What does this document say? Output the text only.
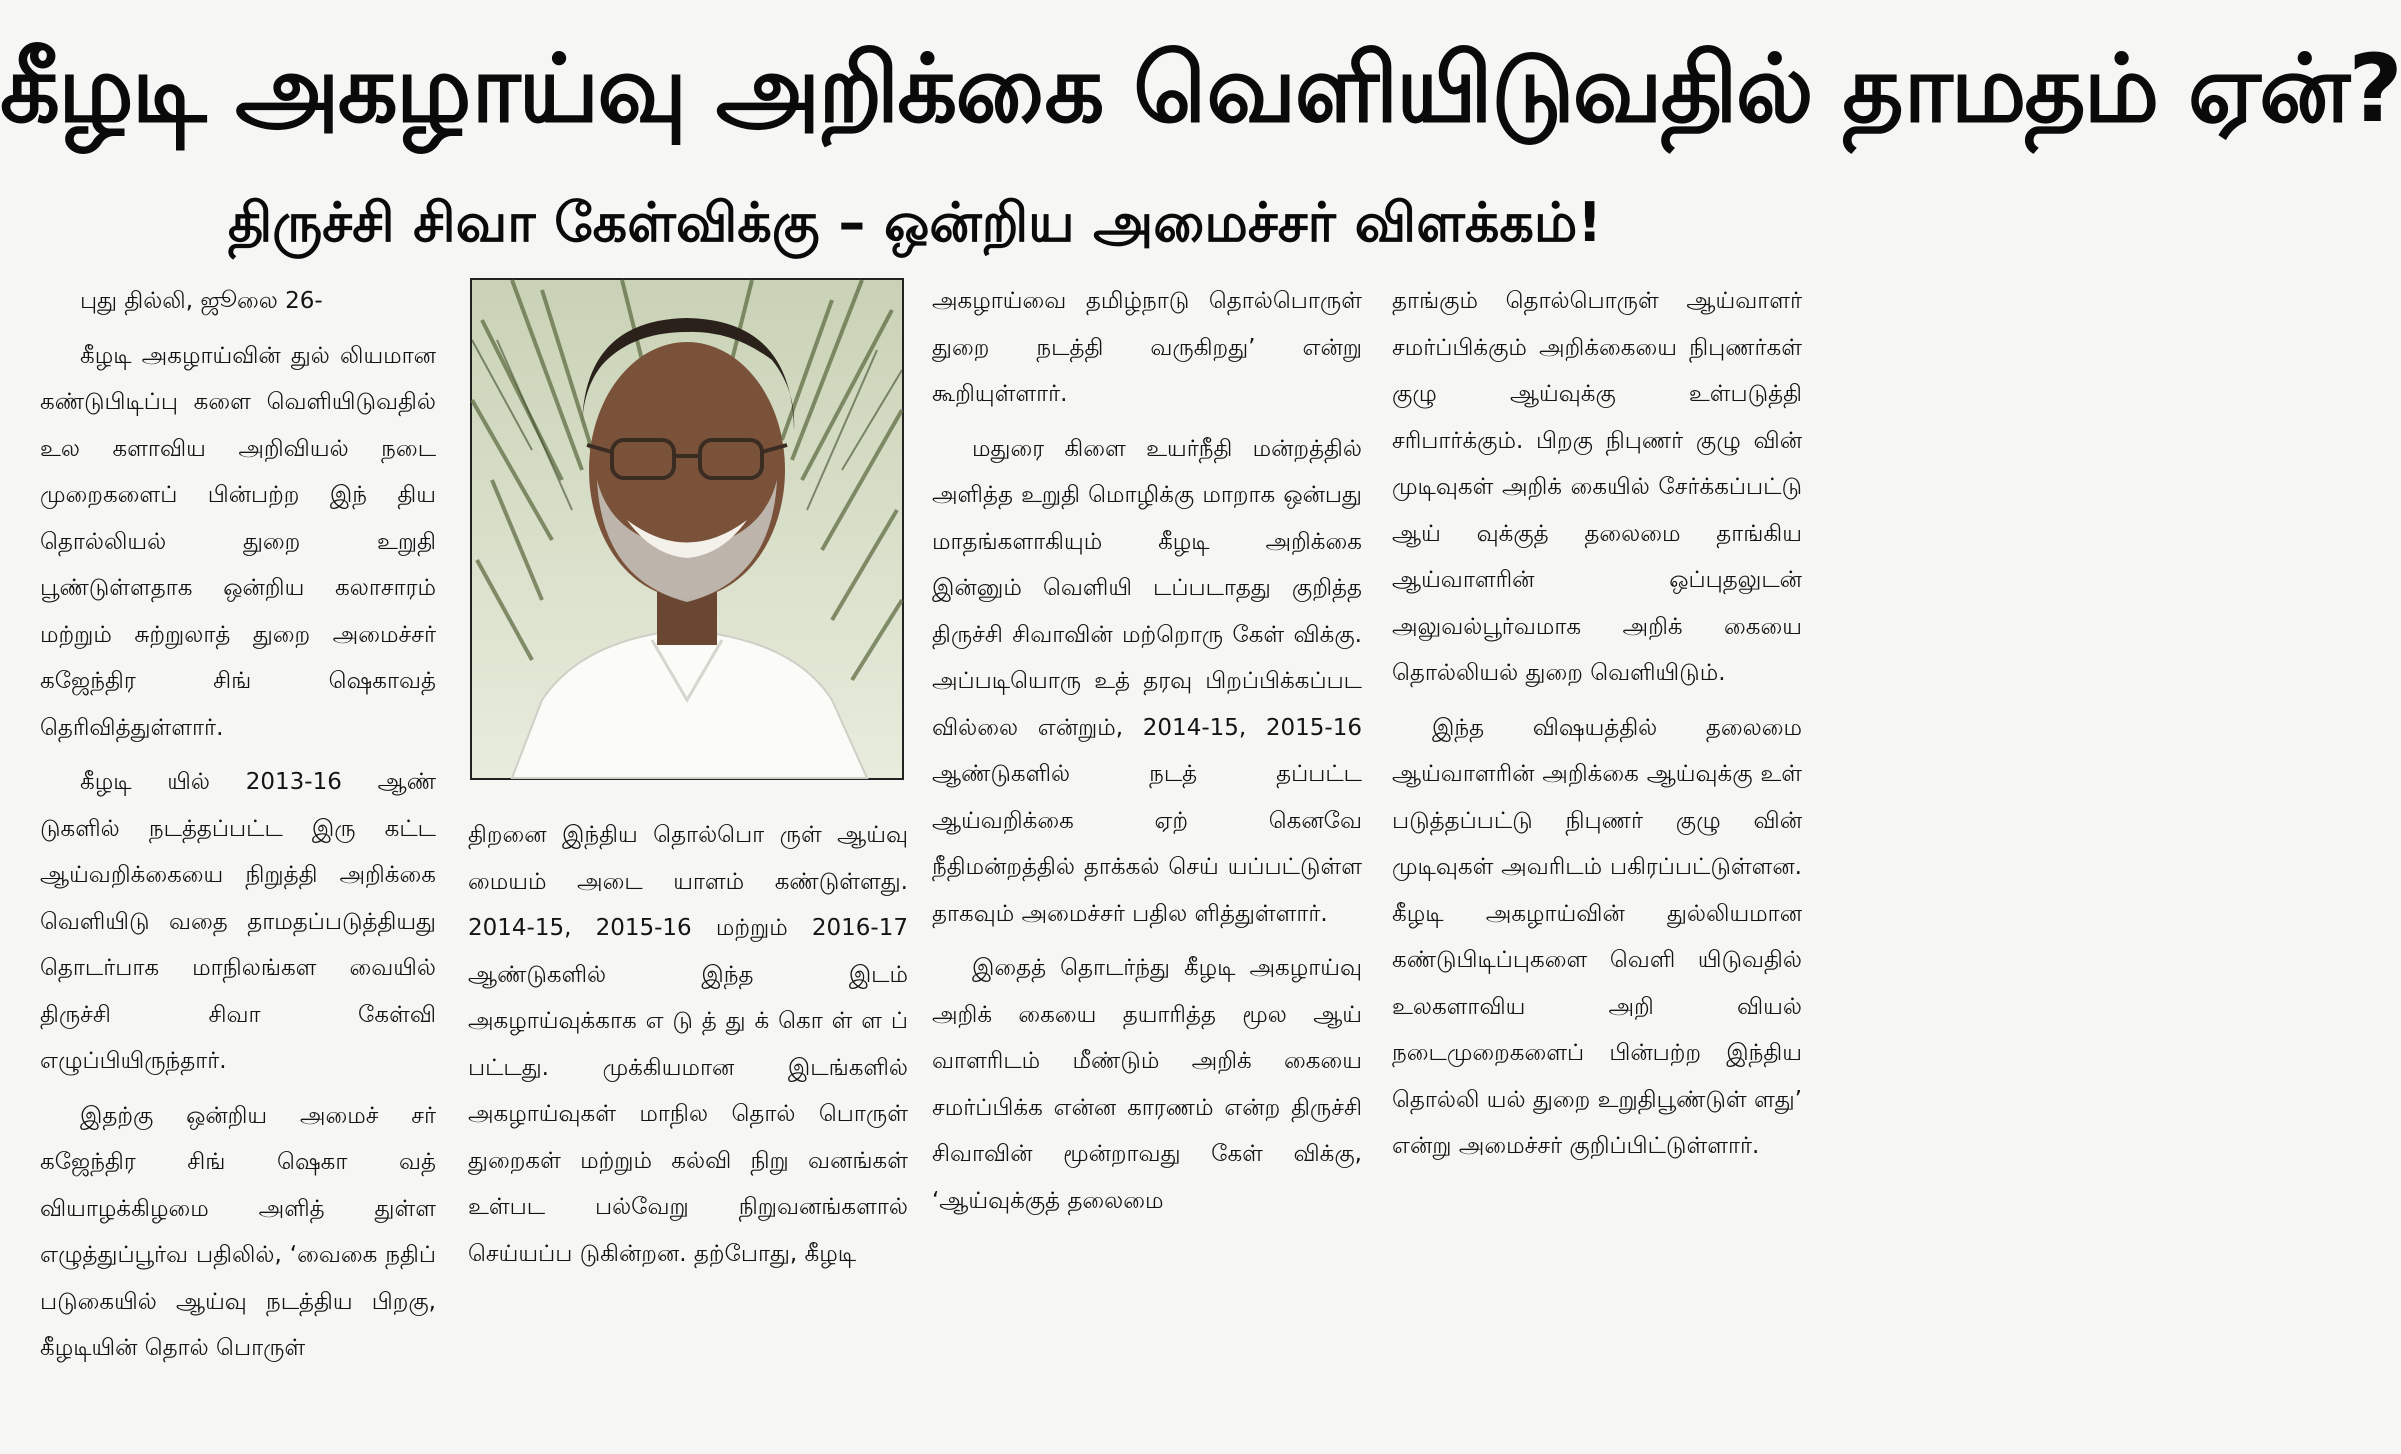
கீழடி அகழாய்வு அறிக்கை வெளியிடுவதில் தாமதம் ஏன்?
திருச்சி சிவா கேள்விக்கு – ஒன்றிய அமைச்சர் விளக்கம்!

புது தில்லி, ஜூலை 26-

கீழடி அகழாய்வின் துல் லியமான கண்டுபிடிப்பு களை வெளியிடுவதில் உல களாவிய அறிவியல் நடை முறைகளைப் பின்பற்ற இந் திய தொல்லியல் துறை உறுதி பூண்டுள்ளதாக ஒன்றிய கலாசாரம் மற்றும் சுற்றுலாத் துறை அமைச்சர் கஜேந்திர சிங் ஷெகாவத் தெரிவித்துள்ளார்.

கீழடி யில் 2013-16 ஆண் டுகளில் நடத்தப்பட்ட இரு கட்ட ஆய்வறிக்கையை நிறுத்தி அறிக்கை வெளியிடு வதை தாமதப்படுத்தியது தொடர்பாக மாநிலங்கள வையில் திருச்சி சிவா கேள்வி எழுப்பியிருந்தார்.

இதற்கு ஒன்றிய அமைச் சர் கஜேந்திர சிங் ஷெகா வத் வியாழக்கிழமை அளித் துள்ள எழுத்துப்பூர்வ பதிலில், ‘வைகை நதிப் படுகையில் ஆய்வு நடத்திய பிறகு, கீழடியின் தொல் பொருள்

திறனை இந்திய தொல்பொ ருள் ஆய்வு மையம் அடை யாளம் கண்டுள்ளது. 2014-15, 2015-16 மற்றும் 2016-17 ஆண்டுகளில் இந்த இடம் அகழாய்வுக்காக எ டு த் து க் கொ ள் ள ப் பட்டது. முக்கியமான இடங்களில் அகழாய்வுகள் மாநில தொல் பொருள் துறைகள் மற்றும் கல்வி நிறு வனங்கள் உள்பட பல்வேறு நிறுவனங்களால் செய்யப்ப டுகின்றன. தற்போது, கீழடி

அகழாய்வை தமிழ்நாடு தொல்பொருள் துறை நடத்தி வருகிறது’ என்று கூறியுள்ளார்.

மதுரை கிளை உயர்நீதி மன்றத்தில் அளித்த உறுதி மொழிக்கு மாறாக ஒன்பது மாதங்களாகியும் கீழடி அறிக்கை இன்னும் வெளியி டப்படாதது குறித்த திருச்சி சிவாவின் மற்றொரு கேள் விக்கு. அப்படியொரு உத் தரவு பிறப்பிக்கப்பட வில்லை என்றும், 2014-15, 2015-16 ஆண்டுகளில் நடத் தப்பட்ட ஆய்வறிக்கை ஏற் கெனவே நீதிமன்றத்தில் தாக்கல் செய் யப்பட்டுள்ள தாகவும் அமைச்சர் பதில ளித்துள்ளார்.

இதைத் தொடர்ந்து கீழடி அகழாய்வு அறிக் கையை தயாரித்த மூல ஆய் வாளரிடம் மீண்டும் அறிக் கையை சமர்ப்பிக்க என்ன காரணம் என்ற திருச்சி சிவாவின் மூன்றாவது கேள் விக்கு, ‘ஆய்வுக்குத் தலைமை

தாங்கும் தொல்பொருள் ஆய்வாளர் சமர்ப்பிக்கும் அறிக்கையை நிபுணர்கள் குழு ஆய்வுக்கு உள்படுத்தி சரிபார்க்கும். பிறகு நிபுணர் குழு வின் முடிவுகள் அறிக் கையில் சேர்க்கப்பட்டு ஆய் வுக்குத் தலைமை தாங்கிய ஆய்வாளரின் ஒப்புதலுடன் அலுவல்பூர்வமாக அறிக் கையை தொல்லியல் துறை வெளியிடும்.

இந்த விஷயத்தில் தலைமை ஆய்வாளரின் அறிக்கை ஆய்வுக்கு உள் படுத்தப்பட்டு நிபுணர் குழு வின் முடிவுகள் அவரிடம் பகிரப்பட்டுள்ளன. கீழடி அகழாய்வின் துல்லியமான கண்டுபிடிப்புகளை வெளி யிடுவதில் உலகளாவிய அறி வியல் நடைமுறைகளைப் பின்பற்ற இந்திய தொல்லி யல் துறை உறுதிபூண்டுள் ளது’ என்று அமைச்சர் குறிப்பிட்டுள்ளார்.
